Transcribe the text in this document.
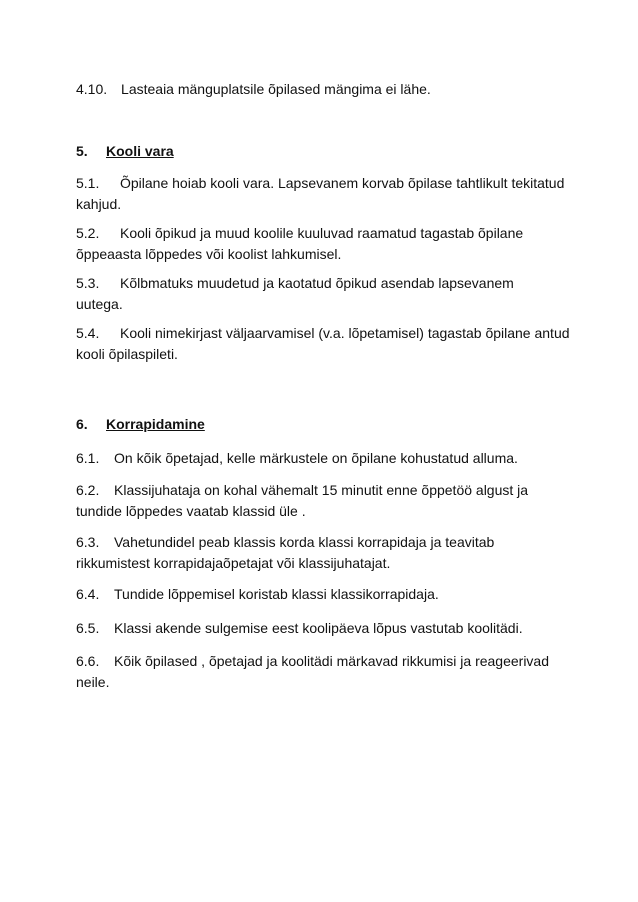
4.10. Lasteaia mänguplatsile õpilased mängima ei lähe.
5. Kooli vara
5.1. Õpilane hoiab kooli vara. Lapsevanem korvab õpilase tahtlikult tekitatud
kahjud.
5.2. Kooli õpikud ja muud koolile kuuluvad raamatud tagastab õpilane
õppeaasta lõppedes või koolist lahkumisel.
5.3. Kõlbmatuks muudetud ja kaotatud õpikud asendab lapsevanem
uutega.
5.4. Kooli nimekirjast väljaarvamisel (v.a. lõpetamisel) tagastab õpilane antud
kooli õpilaspileti.
6. Korrapidamine
6.1. On kõik õpetajad, kelle märkustele on õpilane kohustatud alluma.
6.2. Klassijuhataja on kohal vähemalt 15 minutit enne õppetöö algust ja
tundide lõppedes vaatab klassid üle .
6.3. Vahetundidel peab klassis korda klassi korrapidaja ja teavitab
rikkumistest korrapidajaõpetajat või klassijuhatajat.
6.4. Tundide lõppemisel koristab klassi klassikorrapidaja.
6.5. Klassi akende sulgemise eest koolipäeva lõpus vastutab koolitädi.
6.6. Kõik õpilased , õpetajad ja koolitädi märkavad rikkumisi ja reageerivad
neile.
